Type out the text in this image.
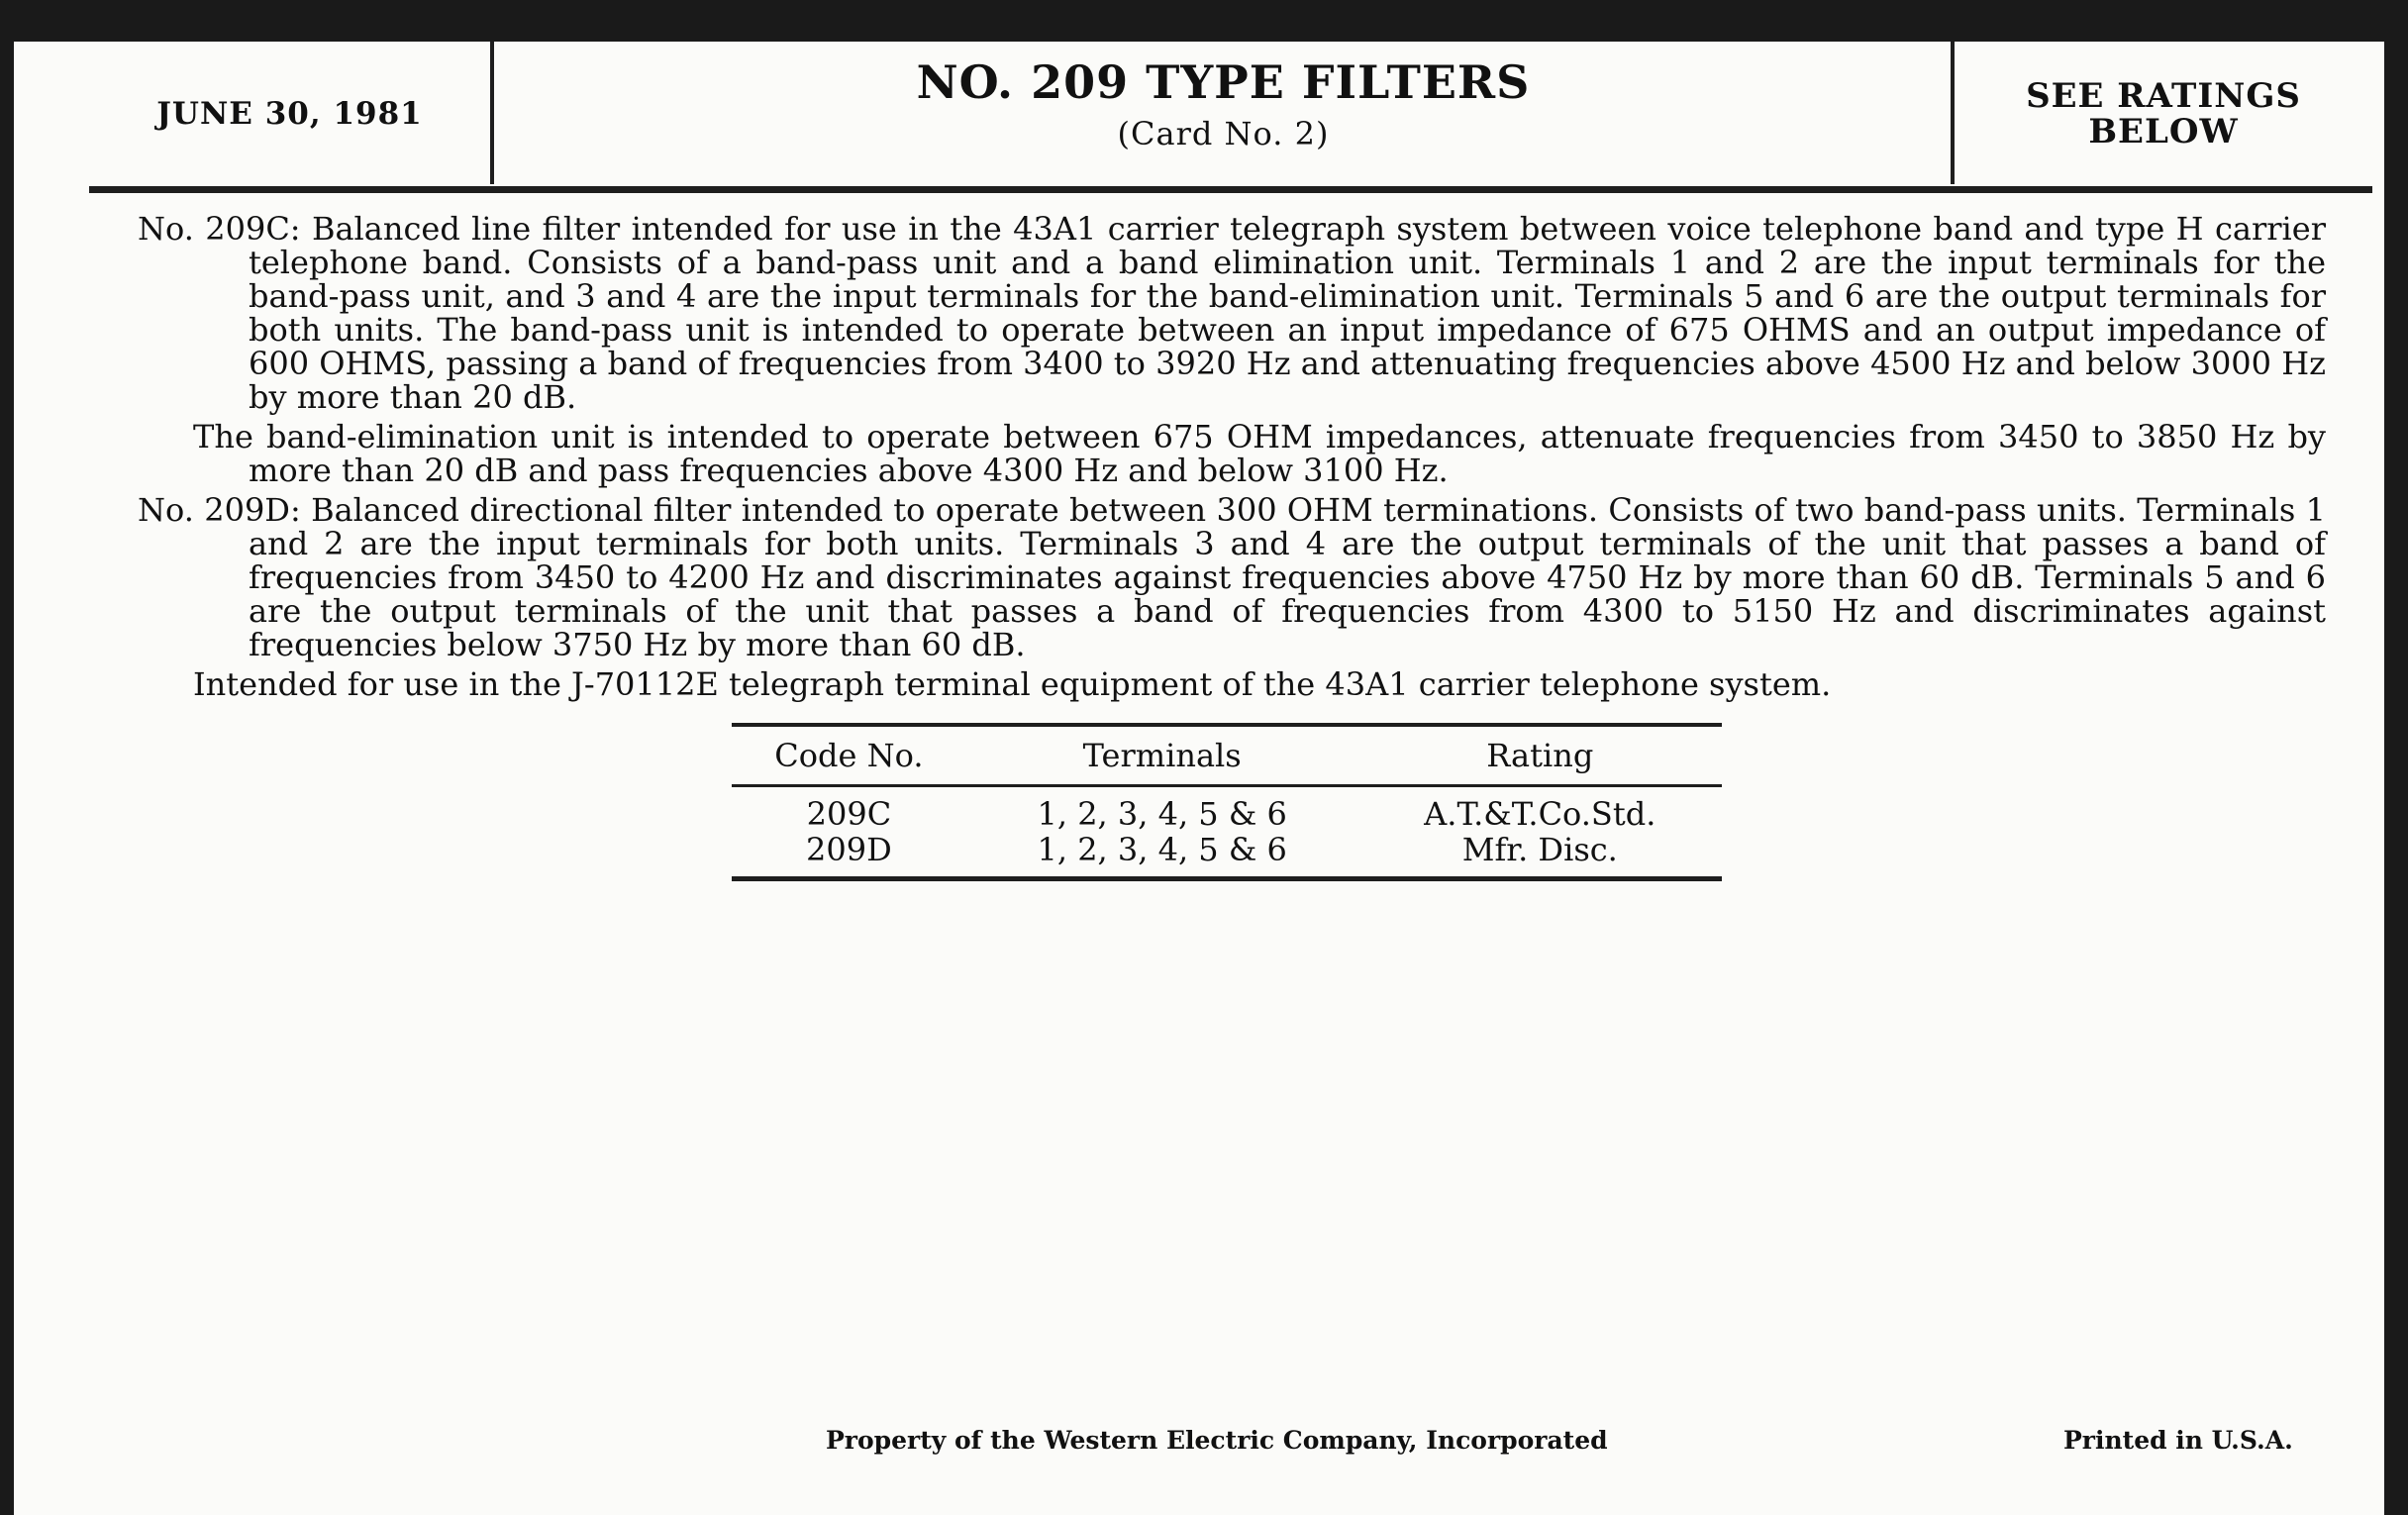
JUNE 30, 1981
NO. 209 TYPE FILTERS
(Card No. 2)
SEE RATINGS
BELOW

No. 209C: Balanced line filter intended for use in the 43A1 carrier telegraph system between voice telephone band and type H carrier telephone band. Consists of a band-pass unit and a band elimination unit. Terminals 1 and 2 are the input terminals for the band-pass unit, and 3 and 4 are the input terminals for the band-elimination unit. Terminals 5 and 6 are the output terminals for both units. The band-pass unit is intended to operate between an input impedance of 675 OHMS and an output impedance of 600 OHMS, passing a band of frequencies from 3400 to 3920 Hz and attenuating frequencies above 4500 Hz and below 3000 Hz by more than 20 dB.

The band-elimination unit is intended to operate between 675 OHM impedances, attenuate frequencies from 3450 to 3850 Hz by more than 20 dB and pass frequencies above 4300 Hz and below 3100 Hz.

No. 209D: Balanced directional filter intended to operate between 300 OHM terminations. Consists of two band-pass units. Terminals 1 and 2 are the input terminals for both units. Terminals 3 and 4 are the output terminals of the unit that passes a band of frequencies from 3450 to 4200 Hz and discriminates against frequencies above 4750 Hz by more than 60 dB. Terminals 5 and 6 are the output terminals of the unit that passes a band of frequencies from 4300 to 5150 Hz and discriminates against frequencies below 3750 Hz by more than 60 dB.

Intended for use in the J-70112E telegraph terminal equipment of the 43A1 carrier telephone system.

Code No.	Terminals	Rating
209C	1, 2, 3, 4, 5 & 6	A.T.&T.Co.Std.
209D	1, 2, 3, 4, 5 & 6	Mfr. Disc.
Property of the Western Electric Company, Incorporated	Printed in U.S.A.
